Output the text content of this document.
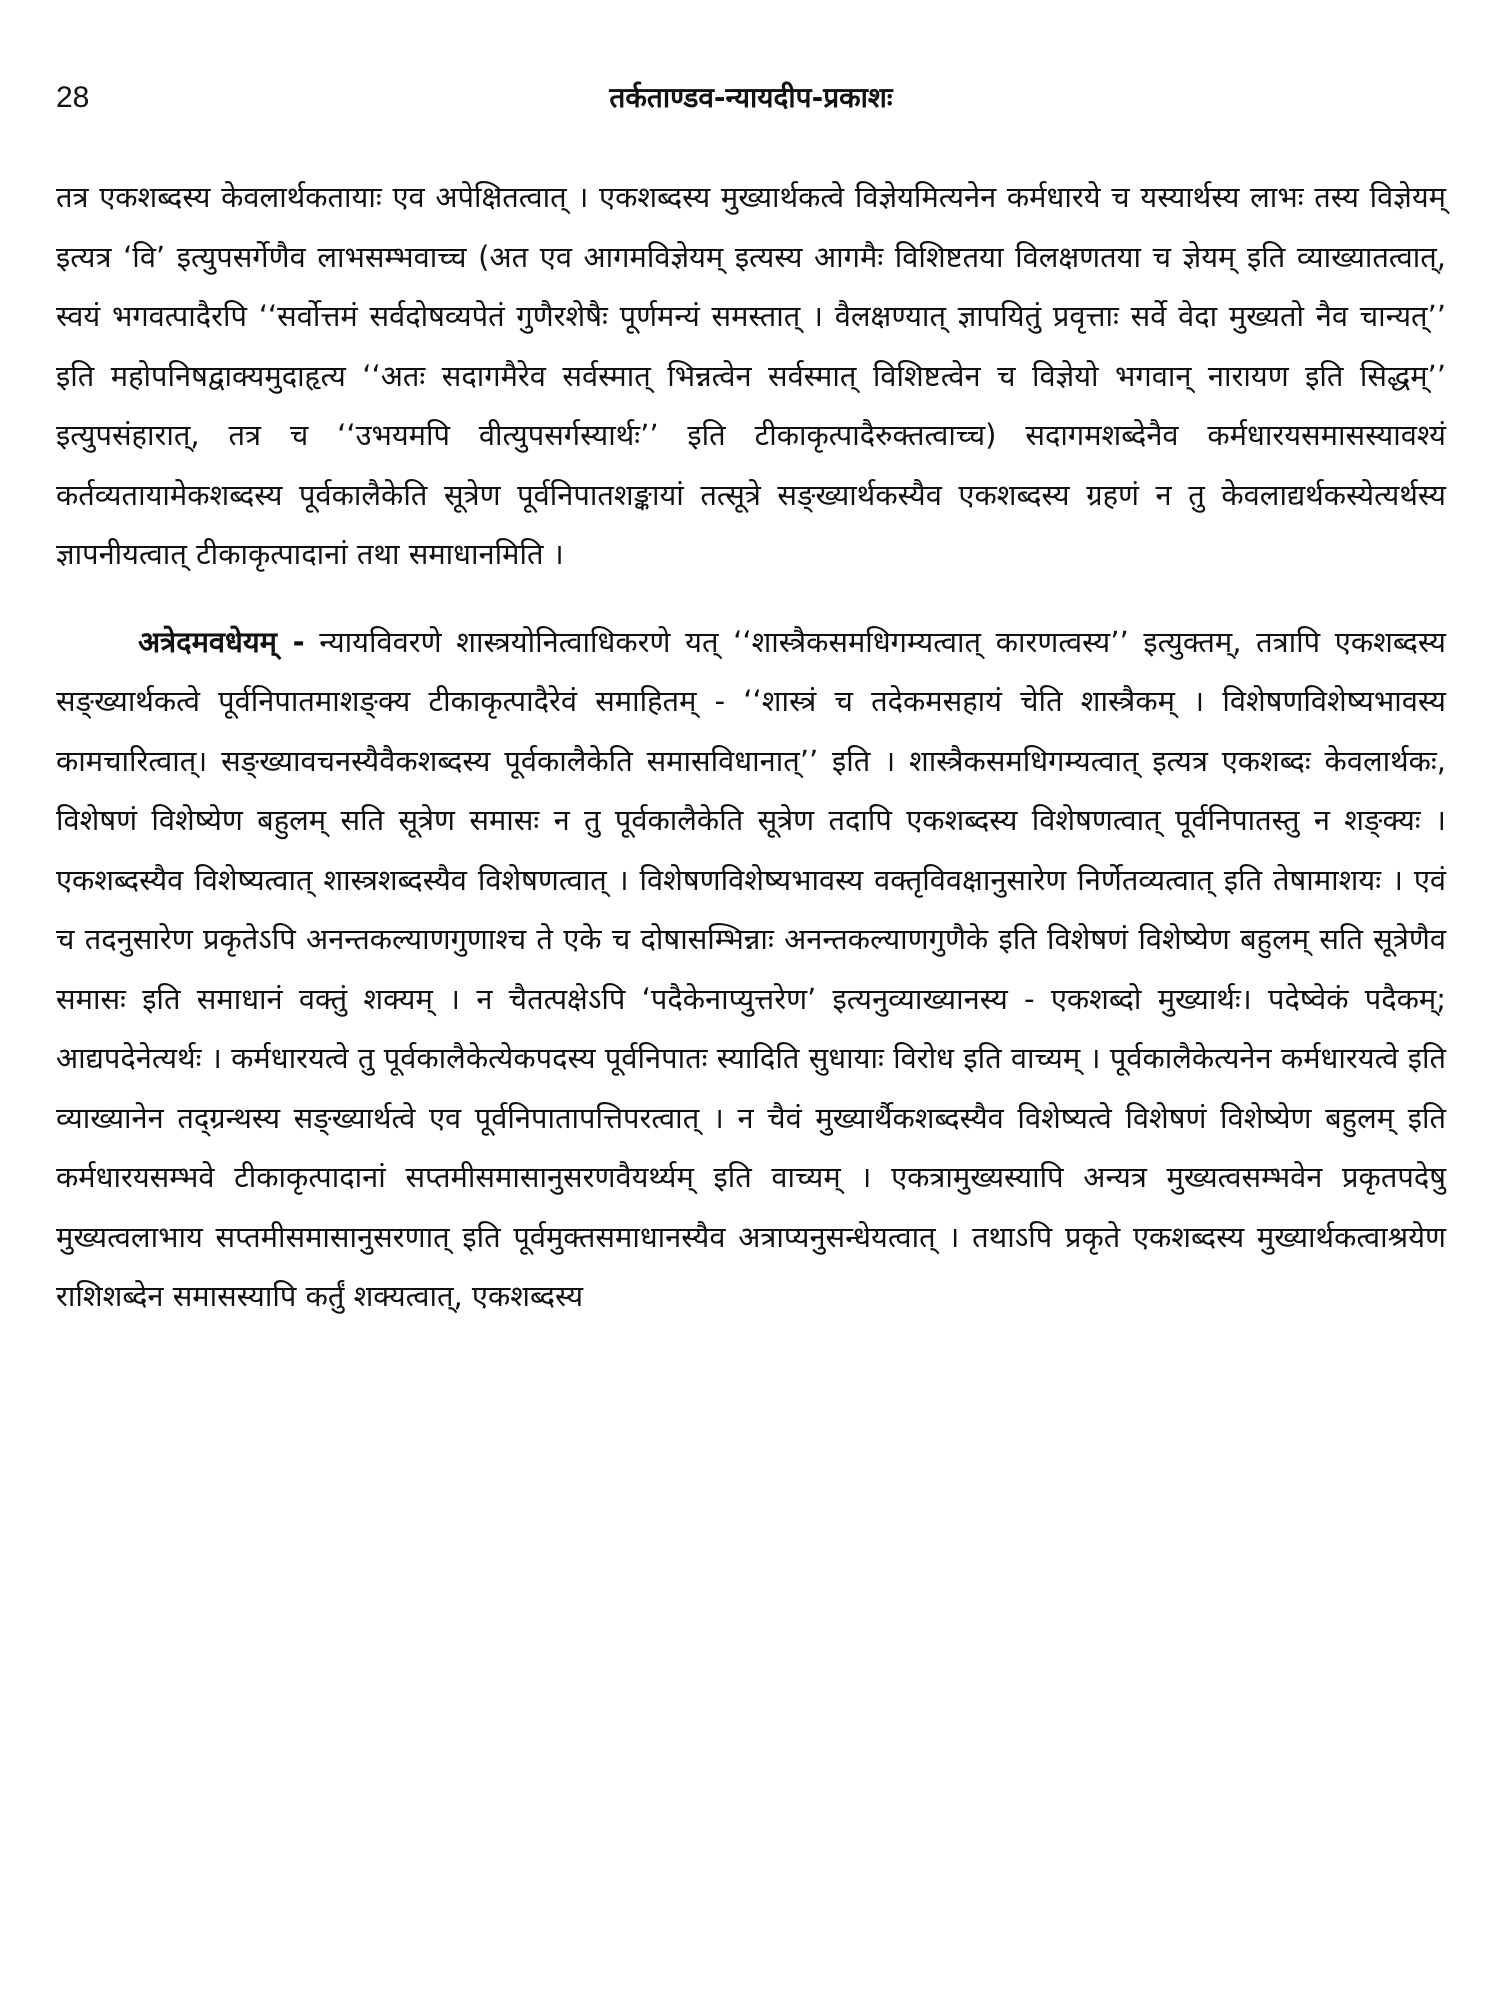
28	तर्कताण्डव-न्यायदीप-प्रकाशः

तत्र एकशब्दस्य केवलार्थकतायाः एव अपेक्षितत्वात् । एकशब्दस्य मुख्यार्थकत्वे विज्ञेयमित्यनेन कर्मधारये च यस्यार्थस्य लाभः तस्य विज्ञेयम् इत्यत्र ‘वि’ इत्युपसर्गेणैव लाभसम्भवाच्च (अत एव आगमविज्ञेयम् इत्यस्य आगमैः विशिष्टतया विलक्षणतया च ज्ञेयम् इति व्याख्यातत्वात्, स्वयं भगवत्पादैरपि ‘‘सर्वोत्तमं सर्वदोषव्यपेतं गुणैरशेषैः पूर्णमन्यं समस्तात् । वैलक्षण्यात् ज्ञापयितुं प्रवृत्ताः सर्वे वेदा मुख्यतो नैव चान्यत्’’ इति महोपनिषद्वाक्यमुदाहृत्य ‘‘अतः सदागमैरेव सर्वस्मात् भिन्नत्वेन सर्वस्मात् विशिष्टत्वेन च विज्ञेयो भगवान् नारायण इति सिद्धम्’’ इत्युपसंहारात्, तत्र च ‘‘उभयमपि वीत्युपसर्गस्यार्थः’’ इति टीकाकृत्पादैरुक्तत्वाच्च) सदागमशब्देनैव कर्मधारयसमासस्यावश्यं कर्तव्यतायामेकशब्दस्य पूर्वकालैकेति सूत्रेण पूर्वनिपातशङ्कायां तत्सूत्रे सङ्ख्यार्थकस्यैव एकशब्दस्य ग्रहणं न तु केवलाद्यर्थकस्येत्यर्थस्य ज्ञापनीयत्वात् टीकाकृत्पादानां तथा समाधानमिति ।

अत्रेदमवधेयम् - न्यायविवरणे शास्त्रयोनित्वाधिकरणे यत् ‘‘शास्त्रैकसमधिगम्यत्वात् कारणत्वस्य’’ इत्युक्तम्, तत्रापि एकशब्दस्य सङ्ख्यार्थकत्वे पूर्वनिपातमाशङ्क्य टीकाकृत्पादैरेवं समाहितम् - ‘‘शास्त्रं च तदेकमसहायं चेति शास्त्रैकम् । विशेषणविशेष्यभावस्य कामचारित्वात्। सङ्ख्यावचनस्यैवैकशब्दस्य पूर्वकालैकेति समासविधानात्’’ इति । शास्त्रैकसमधिगम्यत्वात् इत्यत्र एकशब्दः केवलार्थकः, विशेषणं विशेष्येण बहुलम् सति सूत्रेण समासः न तु पूर्वकालैकेति सूत्रेण तदापि एकशब्दस्य विशेषणत्वात् पूर्वनिपातस्तु न शङ्क्यः । एकशब्दस्यैव विशेष्यत्वात् शास्त्रशब्दस्यैव विशेषणत्वात् । विशेषणविशेष्यभावस्य वक्तृविवक्षानुसारेण निर्णेतव्यत्वात् इति तेषामाशयः । एवं च तदनुसारेण प्रकृतेऽपि अनन्तकल्याणगुणाश्च ते एके च दोषासम्भिन्नाः अनन्तकल्याणगुणैके इति विशेषणं विशेष्येण बहुलम् सति सूत्रेणैव समासः इति समाधानं वक्तुं शक्यम् । न चैतत्पक्षेऽपि ‘पदैकेनाप्युत्तरेण’ इत्यनुव्याख्यानस्य - एकशब्दो मुख्यार्थः। पदेष्वेकं पदैकम्; आद्यपदेनेत्यर्थः । कर्मधारयत्वे तु पूर्वकालैकेत्येकपदस्य पूर्वनिपातः स्यादिति सुधायाः विरोध इति वाच्यम् । पूर्वकालैकेत्यनेन कर्मधारयत्वे इति व्याख्यानेन तद्ग्रन्थस्य सङ्ख्यार्थत्वे एव पूर्वनिपातापत्तिपरत्वात् । न चैवं मुख्यार्थैकशब्दस्यैव विशेष्यत्वे विशेषणं विशेष्येण बहुलम् इति कर्मधारयसम्भवे टीकाकृत्पादानां सप्तमीसमासानुसरणवैयर्थ्यम् इति वाच्यम् । एकत्रामुख्यस्यापि अन्यत्र मुख्यत्वसम्भवेन प्रकृतपदेषु मुख्यत्वलाभाय सप्तमीसमासानुसरणात् इति पूर्वमुक्तसमाधानस्यैव अत्राप्यनुसन्धेयत्वात् । तथाऽपि प्रकृते एकशब्दस्य मुख्यार्थकत्वाश्रयेण राशिशब्देन समासस्यापि कर्तुं शक्यत्वात्, एकशब्दस्य
